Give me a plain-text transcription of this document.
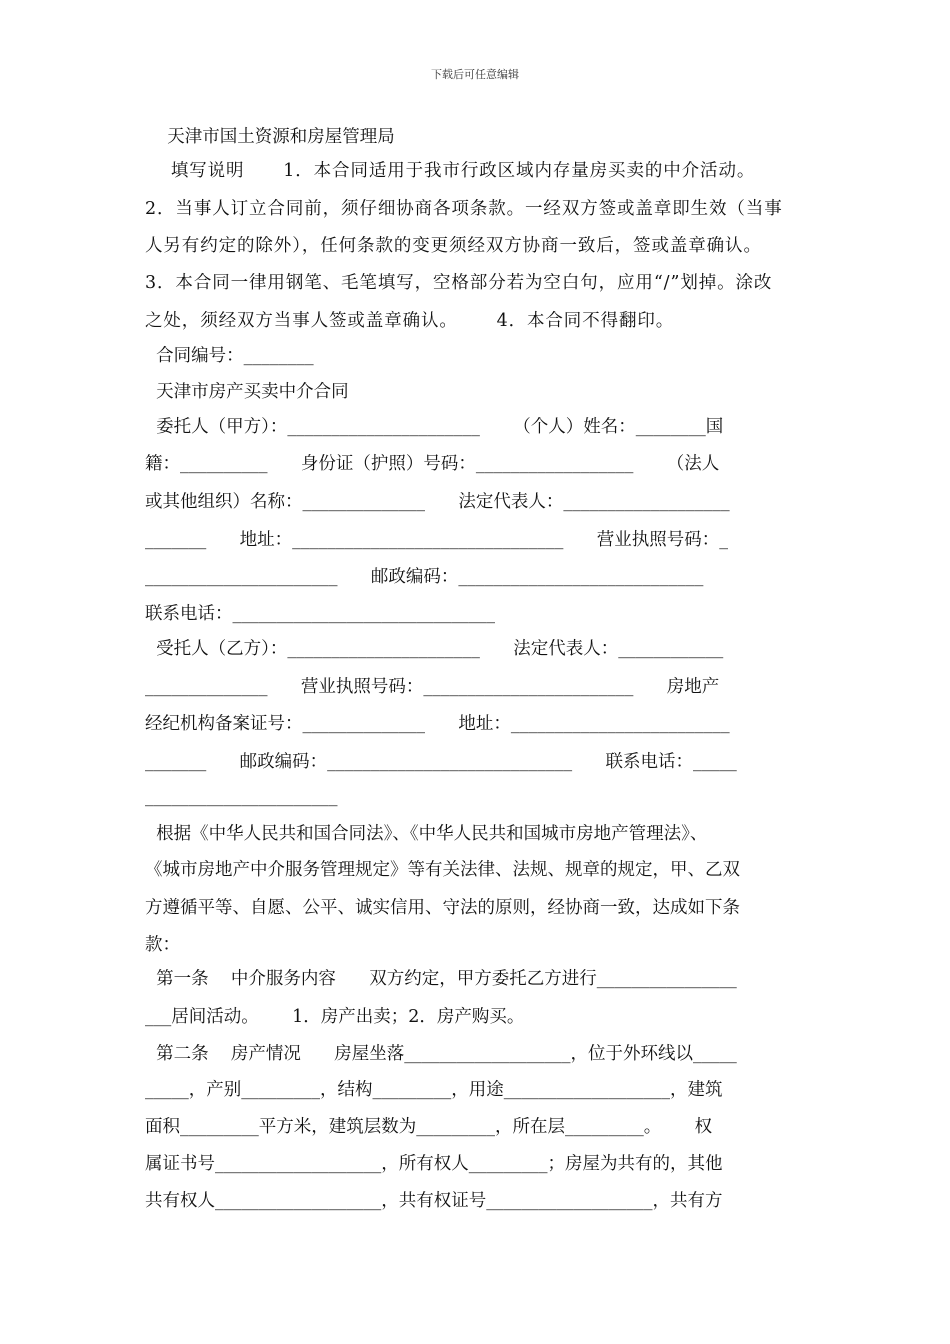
下载后可任意编辑
天津市国土资源和房屋管理局
填写说明      1．本合同适用于我市行政区域内存量房买卖的中介活动。
2．当事人订立合同前，须仔细协商各项条款。一经双方签或盖章即生效（当事
人另有约定的除外），任何条款的变更须经双方协商一致后，签或盖章确认。
3．本合同一律用钢笔、毛笔填写，空格部分若为空白句，应用“/”划掉。涂改
之处，须经双方当事人签或盖章确认。      4．本合同不得翻印。
合同编号：________
天津市房产买卖中介合同
委托人（甲方）：______________________      （个人）姓名：________国
籍：__________      身份证（护照）号码：__________________      （法人
或其他组织）名称：______________      法定代表人：___________________
_______      地址：_______________________________      营业执照号码：_
______________________      邮政编码：____________________________
联系电话：______________________________
受托人（乙方）：______________________      法定代表人：____________
______________      营业执照号码：________________________      房地产
经纪机构备案证号：______________      地址：_________________________
_______      邮政编码：____________________________      联系电话：_____
______________________
根据《中华人民共和国合同法》、《中华人民共和国城市房地产管理法》、
《城市房地产中介服务管理规定》等有关法律、法规、规章的规定，甲、乙双
方遵循平等、自愿、公平、诚实信用、守法的原则，经协商一致，达成如下条
款：
第一条    中介服务内容      双方约定，甲方委托乙方进行________________
___居间活动。      1．房产出卖；2．房产购买。
第二条    房产情况      房屋坐落___________________，位于外环线以_____
_____，产别_________，结构_________，用途___________________，建筑
面积_________平方米，建筑层数为_________，所在层_________。      权
属证书号___________________，所有权人_________；房屋为共有的，其他
共有权人___________________，共有权证号___________________，共有方
